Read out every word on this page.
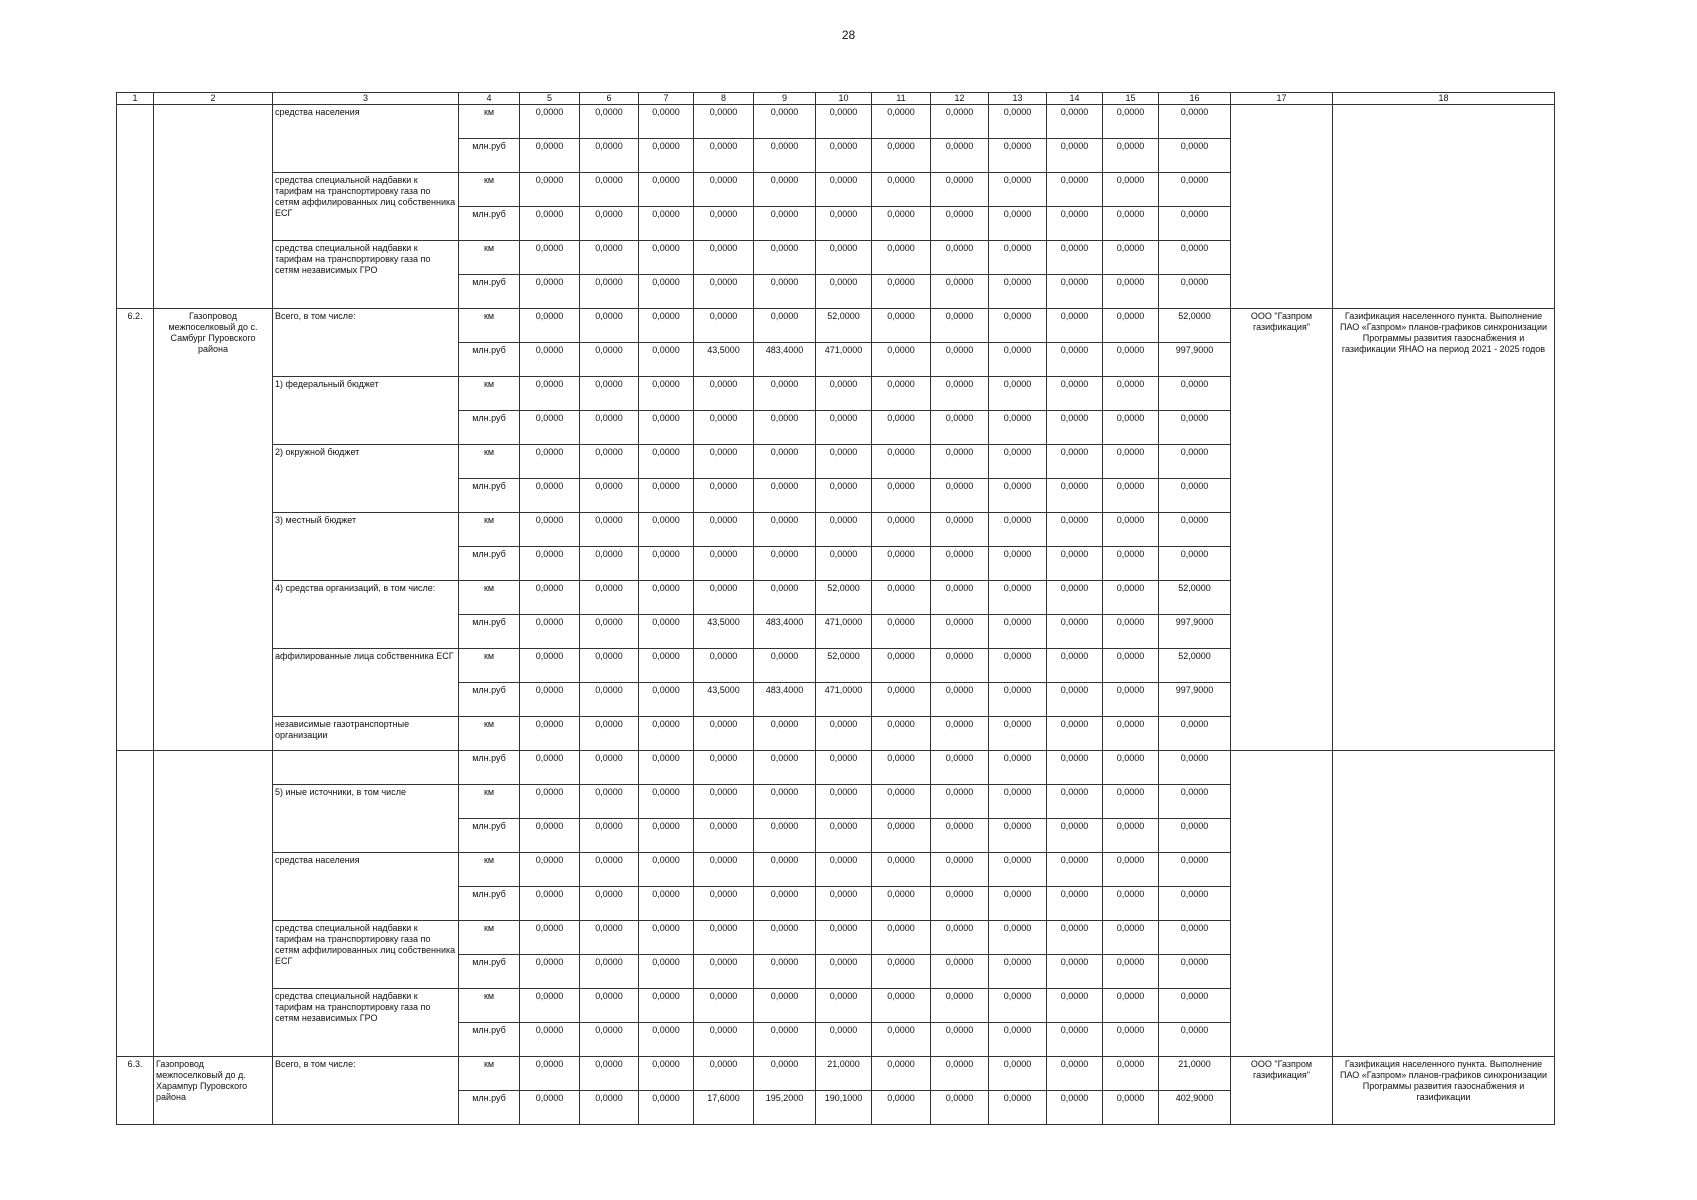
28
1	2	3	4	5	6	7	8	9	10	11	12	13	14	15	16	17	18
		средства населения	км	0,0000	0,0000	0,0000	0,0000	0,0000	0,0000	0,0000	0,0000	0,0000	0,0000	0,0000	0,0000		
			млн.руб	0,0000	0,0000	0,0000	0,0000	0,0000	0,0000	0,0000	0,0000	0,0000	0,0000	0,0000	0,0000		
		средства специальной надбавки к тарифам на транспортировку газа по сетям аффилированных лиц собственника ЕСГ	км	0,0000	0,0000	0,0000	0,0000	0,0000	0,0000	0,0000	0,0000	0,0000	0,0000	0,0000	0,0000		
			млн.руб	0,0000	0,0000	0,0000	0,0000	0,0000	0,0000	0,0000	0,0000	0,0000	0,0000	0,0000	0,0000		
		средства специальной надбавки к тарифам на транспортировку газа по сетям независимых ГРО	км	0,0000	0,0000	0,0000	0,0000	0,0000	0,0000	0,0000	0,0000	0,0000	0,0000	0,0000	0,0000		
			млн.руб	0,0000	0,0000	0,0000	0,0000	0,0000	0,0000	0,0000	0,0000	0,0000	0,0000	0,0000	0,0000		
6.2.	Газопровод межпоселковый до с. Самбург Пуровского района	Всего, в том числе:	км	0,0000	0,0000	0,0000	0,0000	0,0000	52,0000	0,0000	0,0000	0,0000	0,0000	0,0000	52,0000	ООО "Газпром газификация"	Газификация населенного пункта. Выполнение ПАО «Газпром» планов-графиков синхронизации Программы развития газоснабжения и газификации ЯНАО на период 2021 - 2025 годов
			млн.руб	0,0000	0,0000	0,0000	43,5000	483,4000	471,0000	0,0000	0,0000	0,0000	0,0000	0,0000	997,9000		
		1) федеральный бюджет	км	0,0000	0,0000	0,0000	0,0000	0,0000	0,0000	0,0000	0,0000	0,0000	0,0000	0,0000	0,0000		
			млн.руб	0,0000	0,0000	0,0000	0,0000	0,0000	0,0000	0,0000	0,0000	0,0000	0,0000	0,0000	0,0000		
		2) окружной бюджет	км	0,0000	0,0000	0,0000	0,0000	0,0000	0,0000	0,0000	0,0000	0,0000	0,0000	0,0000	0,0000		
			млн.руб	0,0000	0,0000	0,0000	0,0000	0,0000	0,0000	0,0000	0,0000	0,0000	0,0000	0,0000	0,0000		
		3) местный бюджет	км	0,0000	0,0000	0,0000	0,0000	0,0000	0,0000	0,0000	0,0000	0,0000	0,0000	0,0000	0,0000		
			млн.руб	0,0000	0,0000	0,0000	0,0000	0,0000	0,0000	0,0000	0,0000	0,0000	0,0000	0,0000	0,0000		
		4) средства организаций, в том числе:	км	0,0000	0,0000	0,0000	0,0000	0,0000	52,0000	0,0000	0,0000	0,0000	0,0000	0,0000	52,0000		
			млн.руб	0,0000	0,0000	0,0000	43,5000	483,4000	471,0000	0,0000	0,0000	0,0000	0,0000	0,0000	997,9000		
		аффилированные лица собственника ЕСГ	км	0,0000	0,0000	0,0000	0,0000	0,0000	52,0000	0,0000	0,0000	0,0000	0,0000	0,0000	52,0000		
			млн.руб	0,0000	0,0000	0,0000	43,5000	483,4000	471,0000	0,0000	0,0000	0,0000	0,0000	0,0000	997,9000		
		независимые газотранспортные организации	км	0,0000	0,0000	0,0000	0,0000	0,0000	0,0000	0,0000	0,0000	0,0000	0,0000	0,0000	0,0000		
			млн.руб	0,0000	0,0000	0,0000	0,0000	0,0000	0,0000	0,0000	0,0000	0,0000	0,0000	0,0000	0,0000		
		5) иные источники, в том числе	км	0,0000	0,0000	0,0000	0,0000	0,0000	0,0000	0,0000	0,0000	0,0000	0,0000	0,0000	0,0000		
			млн.руб	0,0000	0,0000	0,0000	0,0000	0,0000	0,0000	0,0000	0,0000	0,0000	0,0000	0,0000	0,0000		
		средства населения	км	0,0000	0,0000	0,0000	0,0000	0,0000	0,0000	0,0000	0,0000	0,0000	0,0000	0,0000	0,0000		
			млн.руб	0,0000	0,0000	0,0000	0,0000	0,0000	0,0000	0,0000	0,0000	0,0000	0,0000	0,0000	0,0000		
		средства специальной надбавки к тарифам на транспортировку газа по сетям аффилированных лиц собственника ЕСГ	км	0,0000	0,0000	0,0000	0,0000	0,0000	0,0000	0,0000	0,0000	0,0000	0,0000	0,0000	0,0000		
			млн.руб	0,0000	0,0000	0,0000	0,0000	0,0000	0,0000	0,0000	0,0000	0,0000	0,0000	0,0000	0,0000		
		средства специальной надбавки к тарифам на транспортировку газа по сетям независимых ГРО	км	0,0000	0,0000	0,0000	0,0000	0,0000	0,0000	0,0000	0,0000	0,0000	0,0000	0,0000	0,0000		
			млн.руб	0,0000	0,0000	0,0000	0,0000	0,0000	0,0000	0,0000	0,0000	0,0000	0,0000	0,0000	0,0000		
6.3.	Газопровод межпоселковый до д. Харампур Пуровского района	Всего, в том числе:	км	0,0000	0,0000	0,0000	0,0000	0,0000	21,0000	0,0000	0,0000	0,0000	0,0000	0,0000	21,0000	ООО "Газпром газификация"	Газификация населенного пункта. Выполнение ПАО «Газпром» планов-графиков синхронизации Программы развития газоснабжения и газификации
			млн.руб	0,0000	0,0000	0,0000	17,6000	195,2000	190,1000	0,0000	0,0000	0,0000	0,0000	0,0000	402,9000		
